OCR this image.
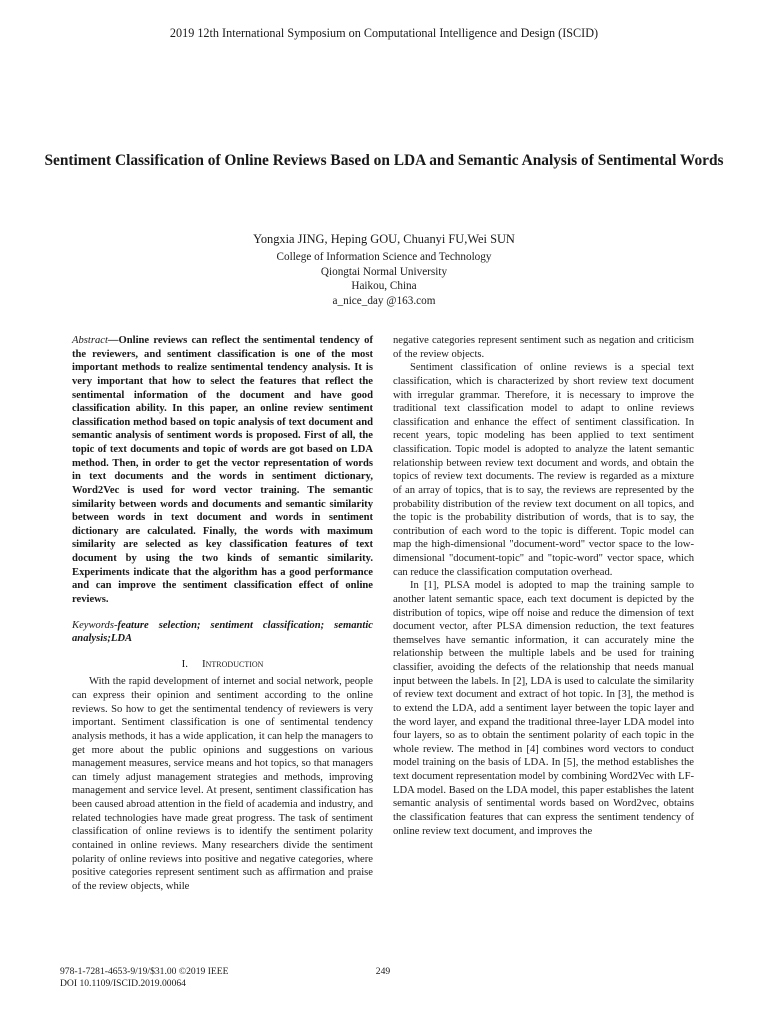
2019 12th International Symposium on Computational Intelligence and Design (ISCID)
Sentiment Classification of Online Reviews Based on LDA and Semantic Analysis of Sentimental Words
Yongxia JING, Heping GOU, Chuanyi FU,Wei SUN
College of Information Science and Technology
Qiongtai Normal University
Haikou, China
a_nice_day @163.com

Abstract—Online reviews can reflect the sentimental tendency of the reviewers, and sentiment classification is one of the most important methods to realize sentimental tendency analysis. It is very important that how to select the features that reflect the sentimental information of the document and have good classification ability. In this paper, an online review sentiment classification method based on topic analysis of text document and semantic analysis of sentiment words is proposed. First of all, the topic of text documents and topic of words are got based on LDA method. Then, in order to get the vector representation of words in text documents and the words in sentiment dictionary, Word2Vec is used for word vector training. The semantic similarity between words and documents and semantic similarity between words in text document and words in sentiment dictionary are calculated. Finally, the words with maximum similarity are selected as key classification features of text document by using the two kinds of semantic similarity. Experiments indicate that the algorithm has a good performance and can improve the sentiment classification effect of online reviews.

Keywords-feature selection; sentiment classification; semantic analysis;LDA

I. Introduction

With the rapid development of internet and social network, people can express their opinion and sentiment according to the online reviews. So how to get the sentimental tendency of reviewers is very important. Sentiment classification is one of sentimental tendency analysis methods, it has a wide application, it can help the managers to get more about the public opinions and suggestions on various management measures, service means and hot topics, so that managers can timely adjust management strategies and methods, improving management and service level. At present, sentiment classification has been caused abroad attention in the field of academia and industry, and related technologies have made great progress. The task of sentiment classification of online reviews is to identify the sentiment polarity contained in online reviews. Many researchers divide the sentiment polarity of online reviews into positive and negative categories, where positive categories represent sentiment such as affirmation and praise of the review objects, while

negative categories represent sentiment such as negation and criticism of the review objects.

Sentiment classification of online reviews is a special text classification, which is characterized by short review text document with irregular grammar. Therefore, it is necessary to improve the traditional text classification model to adapt to online reviews classification and enhance the effect of sentiment classification. In recent years, topic modeling has been applied to text sentiment classification. Topic model is adopted to analyze the latent semantic relationship between review text document and words, and obtain the topics of review text documents. The review is regarded as a mixture of an array of topics, that is to say, the reviews are represented by the probability distribution of the review text document on all topics, and the topic is the probability distribution of words, that is to say, the contribution of each word to the topic is different. Topic model can map the high-dimensional "document-word" vector space to the low-dimensional "document-topic" and "topic-word" vector space, which can reduce the classification computation overhead.

In [1], PLSA model is adopted to map the training sample to another latent semantic space, each text document is depicted by the distribution of topics, wipe off noise and reduce the dimension of text document vector, after PLSA dimension reduction, the text features themselves have semantic information, it can accurately mine the relationship between the multiple labels and be used for training classifier, avoiding the defects of the relationship that needs manual input between the labels. In [2], LDA is used to calculate the similarity of review text document and extract of hot topic. In [3], the method is to extend the LDA, add a sentiment layer between the topic layer and the word layer, and expand the traditional three-layer LDA model into four layers, so as to obtain the sentiment polarity of each topic in the whole review. The method in [4] combines word vectors to conduct model training on the basis of LDA. In [5], the method establishes the text document representation model by combining Word2Vec with LF-LDA model. Based on the LDA model, this paper establishes the latent semantic analysis of sentimental words based on Word2vec, obtains the classification features that can express the sentiment tendency of online review text document, and improves the

978-1-7281-4653-9/19/$31.00 ©2019 IEEE
DOI 10.1109/ISCID.2019.00064
249
